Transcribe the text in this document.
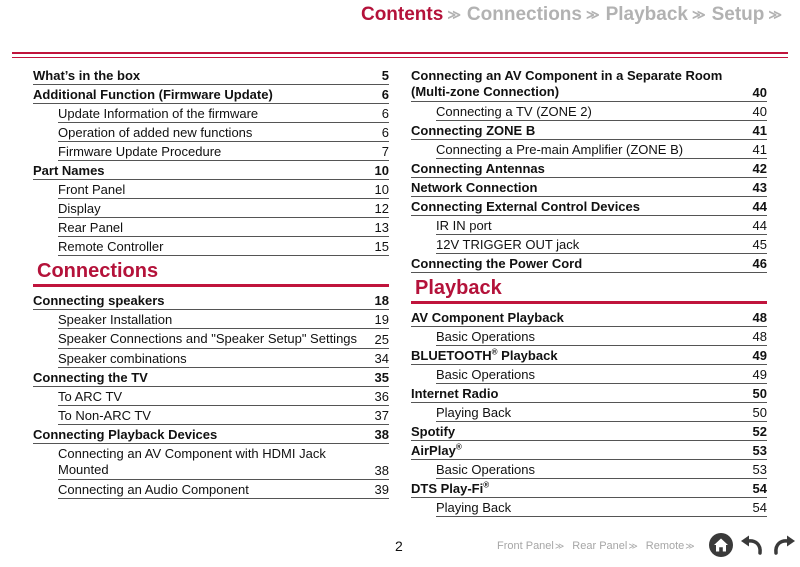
Contents ≫ Connections ≫ Playback ≫ Setup ≫
What’s in the box	5
Additional Function (Firmware Update)	6
Update Information of the firmware	6
Operation of added new functions	6
Firmware Update Procedure	7
Part Names	10
Front Panel	10
Display	12
Rear Panel	13
Remote Controller	15
Connections
Connecting speakers	18
Speaker Installation	19
Speaker Connections and "Speaker Setup" Settings	25
Speaker combinations	34
Connecting the TV	35
To ARC TV	36
To Non-ARC TV	37
Connecting Playback Devices	38
Connecting an AV Component with HDMI Jack Mounted	38
Connecting an Audio Component	39
Connecting an AV Component in a Separate Room (Multi-zone Connection)	40
Connecting a TV (ZONE 2)	40
Connecting ZONE B	41
Connecting a Pre-main Amplifier (ZONE B)	41
Connecting Antennas	42
Network Connection	43
Connecting External Control Devices	44
IR IN port	44
12V TRIGGER OUT jack	45
Connecting the Power Cord	46
Playback
AV Component Playback	48
Basic Operations	48
BLUETOOTH® Playback	49
Basic Operations	49
Internet Radio	50
Playing Back	50
Spotify	52
AirPlay®	53
Basic Operations	53
DTS Play-Fi®	54
Playing Back	54
2	Front Panel ≫ Rear Panel ≫ Remote ≫
